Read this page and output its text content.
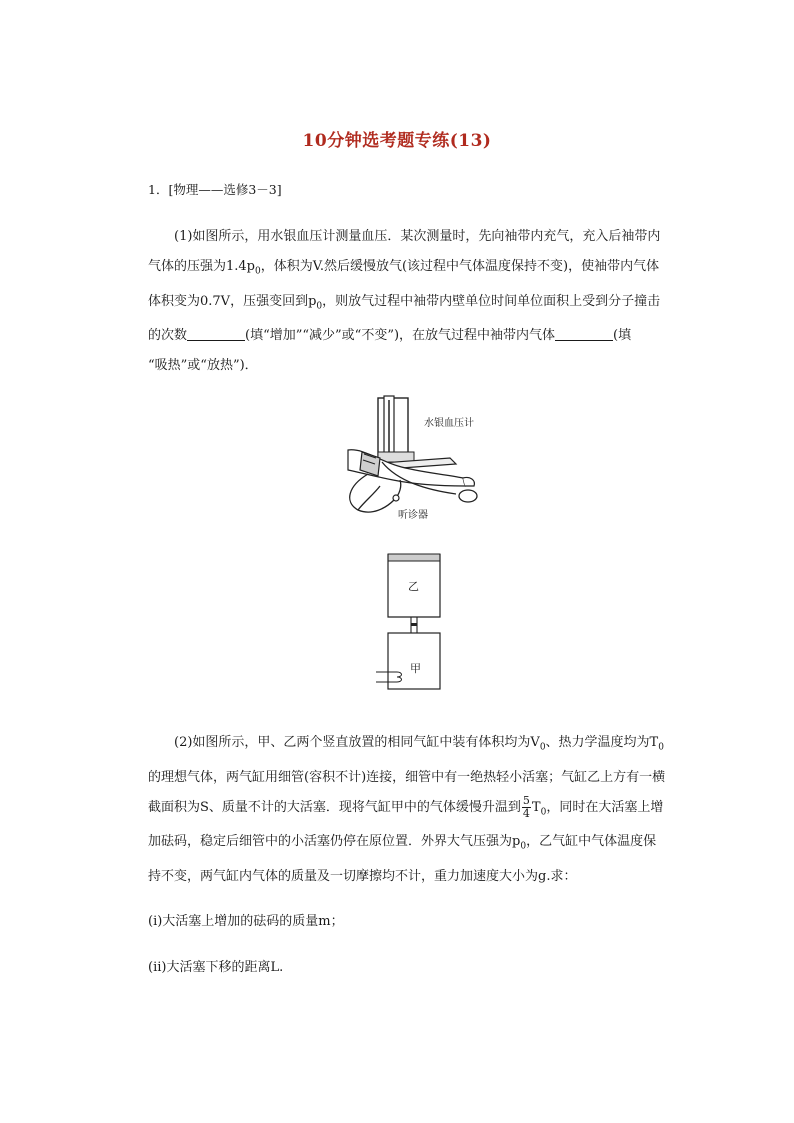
10分钟选考题专练(13)
1．[物理——选修3－3]
(1)如图所示，用水银血压计测量血压．某次测量时，先向袖带内充气，充入后袖带内
气体的压强为$1.4p_0$，体积为V.然后缓慢放气(该过程中气体温度保持不变)，使袖带内气体
体积变为0.7V，压强变回到$p_0$，则放气过程中袖带内壁单位时间单位面积上受到分子撞击
的次数	(填“增加”“减少”或“不变”)，在放气过程中袖带内气体	(填
“吸热”或“放热”)．
水银血压计
听诊器
乙
甲
(2)如图所示，甲、乙两个竖直放置的相同气缸中装有体积均为$V_0$、热力学温度均为$T_0$
的理想气体，两气缸用细管(容积不计)连接，细管中有一绝热轻小活塞；气缸乙上方有一横
截面积为S、质量不计的大活塞．现将气缸甲中的气体缓慢升温到 $\frac{5}{4} T_0$，同时在大活塞上增
加砝码，稳定后细管中的小活塞仍停在原位置．外界大气压强为$p_0$，乙气缸中气体温度保
持不变，两气缸内气体的质量及一切摩擦均不计，重力加速度大小为g.求：
(ⅰ)大活塞上增加的砝码的质量m；
(ⅱ)大活塞下移的距离L.
